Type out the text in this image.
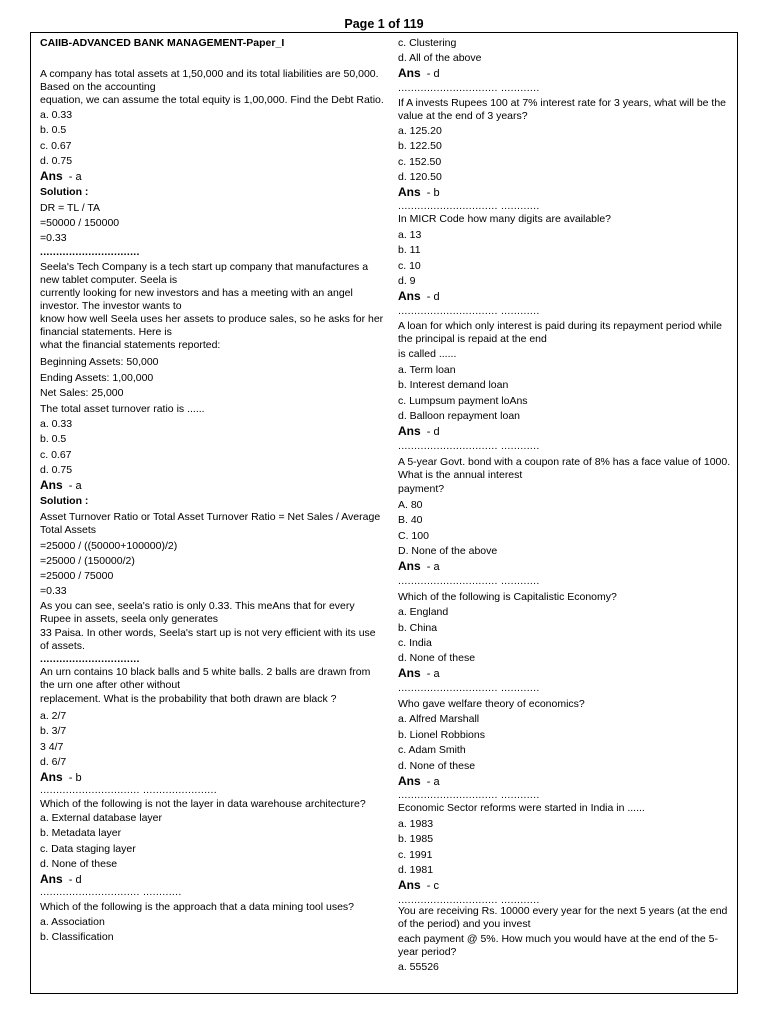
Page 1 of 119
CAIIB-ADVANCED BANK MANAGEMENT-Paper_I
A company has total assets at 1,50,000 and its total liabilities are 50,000. Based on the accounting
equation, we can assume the total equity is 1,00,000. Find the Debt Ratio.
a. 0.33
b. 0.5
c. 0.67
d. 0.75
Ans  - a
Solution :
DR = TL / TA
=50000 / 150000
=0.33
...............................
Seela's Tech Company is a tech start up company that manufactures a new tablet computer. Seela is
currently looking for new investors and has a meeting with an angel investor. The investor wants to
know how well Seela uses her assets to produce sales, so he asks for her financial statements. Here is
what the financial statements reported:
Beginning Assets: 50,000
Ending Assets: 1,00,000
Net Sales: 25,000
The total asset turnover ratio is ......
a. 0.33
b. 0.5
c. 0.67
d. 0.75
Ans  - a
Solution :
Asset Turnover Ratio or Total Asset Turnover Ratio = Net Sales / Average Total Assets
=25000 / ((50000+100000)/2)
=25000 / (150000/2)
=25000 / 75000
=0.33
As you can see, seela's ratio is only 0.33. This meAns that for every Rupee in assets, seela only generates
33 Paisa. In other words, Seela's start up is not very efficient with its use of assets.
...............................
An urn contains 10 black balls and 5 white balls. 2 balls are drawn from the urn one after other without
replacement. What is the probability that both drawn are black ?
a. 2/7
b. 3/7
3 4/7
d. 6/7
Ans  - b
............................... .......................
Which of the following is not the layer in data warehouse architecture?
a. External database layer
b. Metadata layer
c. Data staging layer
d. None of these
Ans  - d
............................... ............
Which of the following is the approach that a data mining tool uses?
a. Association
b. Classification
c. Clustering
d. All of the above
Ans  - d
............................... ............
If A invests Rupees 100 at 7% interest rate for 3 years, what will be the value at the end of 3 years?
a. 125.20
b. 122.50
c. 152.50
d. 120.50
Ans  - b
............................... ............
In MICR Code how many digits are available?
a. 13
b. 11
c. 10
d. 9
Ans  - d
............................... ............
A loan for which only interest is paid during its repayment period while the principal is repaid at the end
is called ......
a. Term loan
b. Interest demand loan
c. Lumpsum payment loAns
d. Balloon repayment loan
Ans  - d
............................... ............
A 5-year Govt. bond with a coupon rate of 8% has a face value of 1000. What is the annual interest
payment?
A. 80
B. 40
C. 100
D. None of the above
Ans  - a
............................... ............
Which of the following is Capitalistic Economy?
a. England
b. China
c. India
d. None of these
Ans  - a
............................... ............
Who gave welfare theory of economics?
a. Alfred Marshall
b. Lionel Robbions
c. Adam Smith
d. None of these
Ans  - a
............................... ............
Economic Sector reforms were started in India in ......
a. 1983
b. 1985
c. 1991
d. 1981
Ans  - c
............................... ............
You are receiving Rs. 10000 every year for the next 5 years (at the end of the period) and you invest
each payment @ 5%. How much you would have at the end of the 5-year period?
a. 55526
